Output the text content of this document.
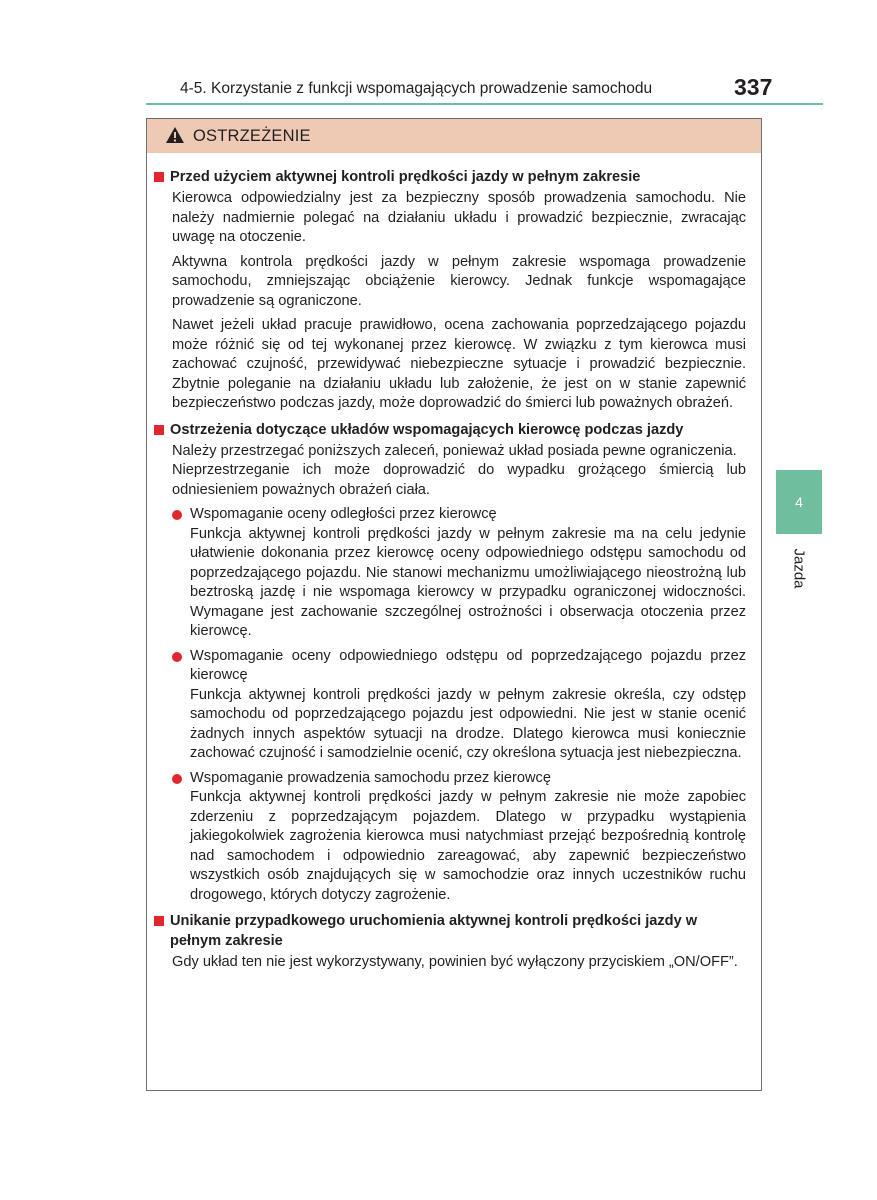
4-5. Korzystanie z funkcji wspomagających prowadzenie samochodu	337
OSTRZEŻENIE
Przed użyciem aktywnej kontroli prędkości jazdy w pełnym zakresie
Kierowca odpowiedzialny jest za bezpieczny sposób prowadzenia samochodu. Nie należy nadmiernie polegać na działaniu układu i prowadzić bezpiecznie, zwracając uwagę na otoczenie.
Aktywna kontrola prędkości jazdy w pełnym zakresie wspomaga prowadzenie samochodu, zmniejszając obciążenie kierowcy. Jednak funkcje wspomagające prowadzenie są ograniczone.
Nawet jeżeli układ pracuje prawidłowo, ocena zachowania poprzedzającego pojazdu może różnić się od tej wykonanej przez kierowcę. W związku z tym kierowca musi zachować czujność, przewidywać niebezpieczne sytuacje i prowadzić bezpiecznie. Zbytnie poleganie na działaniu układu lub założenie, że jest on w stanie zapewnić bezpieczeństwo podczas jazdy, może doprowadzić do śmierci lub poważnych obrażeń.
Ostrzeżenia dotyczące układów wspomagających kierowcę podczas jazdy
Należy przestrzegać poniższych zaleceń, ponieważ układ posiada pewne ograniczenia.
Nieprzestrzeganie ich może doprowadzić do wypadku grożącego śmiercią lub odniesieniem poważnych obrażeń ciała.
Wspomaganie oceny odległości przez kierowcę
Funkcja aktywnej kontroli prędkości jazdy w pełnym zakresie ma na celu jedynie ułatwienie dokonania przez kierowcę oceny odpowiedniego odstępu samochodu od poprzedzającego pojazdu. Nie stanowi mechanizmu umożliwiającego nieostrożną lub beztroską jazdę i nie wspomaga kierowcy w przypadku ograniczonej widoczności. Wymagane jest zachowanie szczególnej ostrożności i obserwacja otoczenia przez kierowcę.
Wspomaganie oceny odpowiedniego odstępu od poprzedzającego pojazdu przez kierowcę
Funkcja aktywnej kontroli prędkości jazdy w pełnym zakresie określa, czy odstęp samochodu od poprzedzającego pojazdu jest odpowiedni. Nie jest w stanie ocenić żadnych innych aspektów sytuacji na drodze. Dlatego kierowca musi koniecznie zachować czujność i samodzielnie ocenić, czy określona sytuacja jest niebezpieczna.
Wspomaganie prowadzenia samochodu przez kierowcę
Funkcja aktywnej kontroli prędkości jazdy w pełnym zakresie nie może zapobiec zderzeniu z poprzedzającym pojazdem. Dlatego w przypadku wystąpienia jakiegokolwiek zagrożenia kierowca musi natychmiast przejąć bezpośrednią kontrolę nad samochodem i odpowiednio zareagować, aby zapewnić bezpieczeństwo wszystkich osób znajdujących się w samochodzie oraz innych uczestników ruchu drogowego, których dotyczy zagrożenie.
Unikanie przypadkowego uruchomienia aktywnej kontroli prędkości jazdy w pełnym zakresie
Gdy układ ten nie jest wykorzystywany, powinien być wyłączony przyciskiem „ON/OFF”.
4
Jazda
